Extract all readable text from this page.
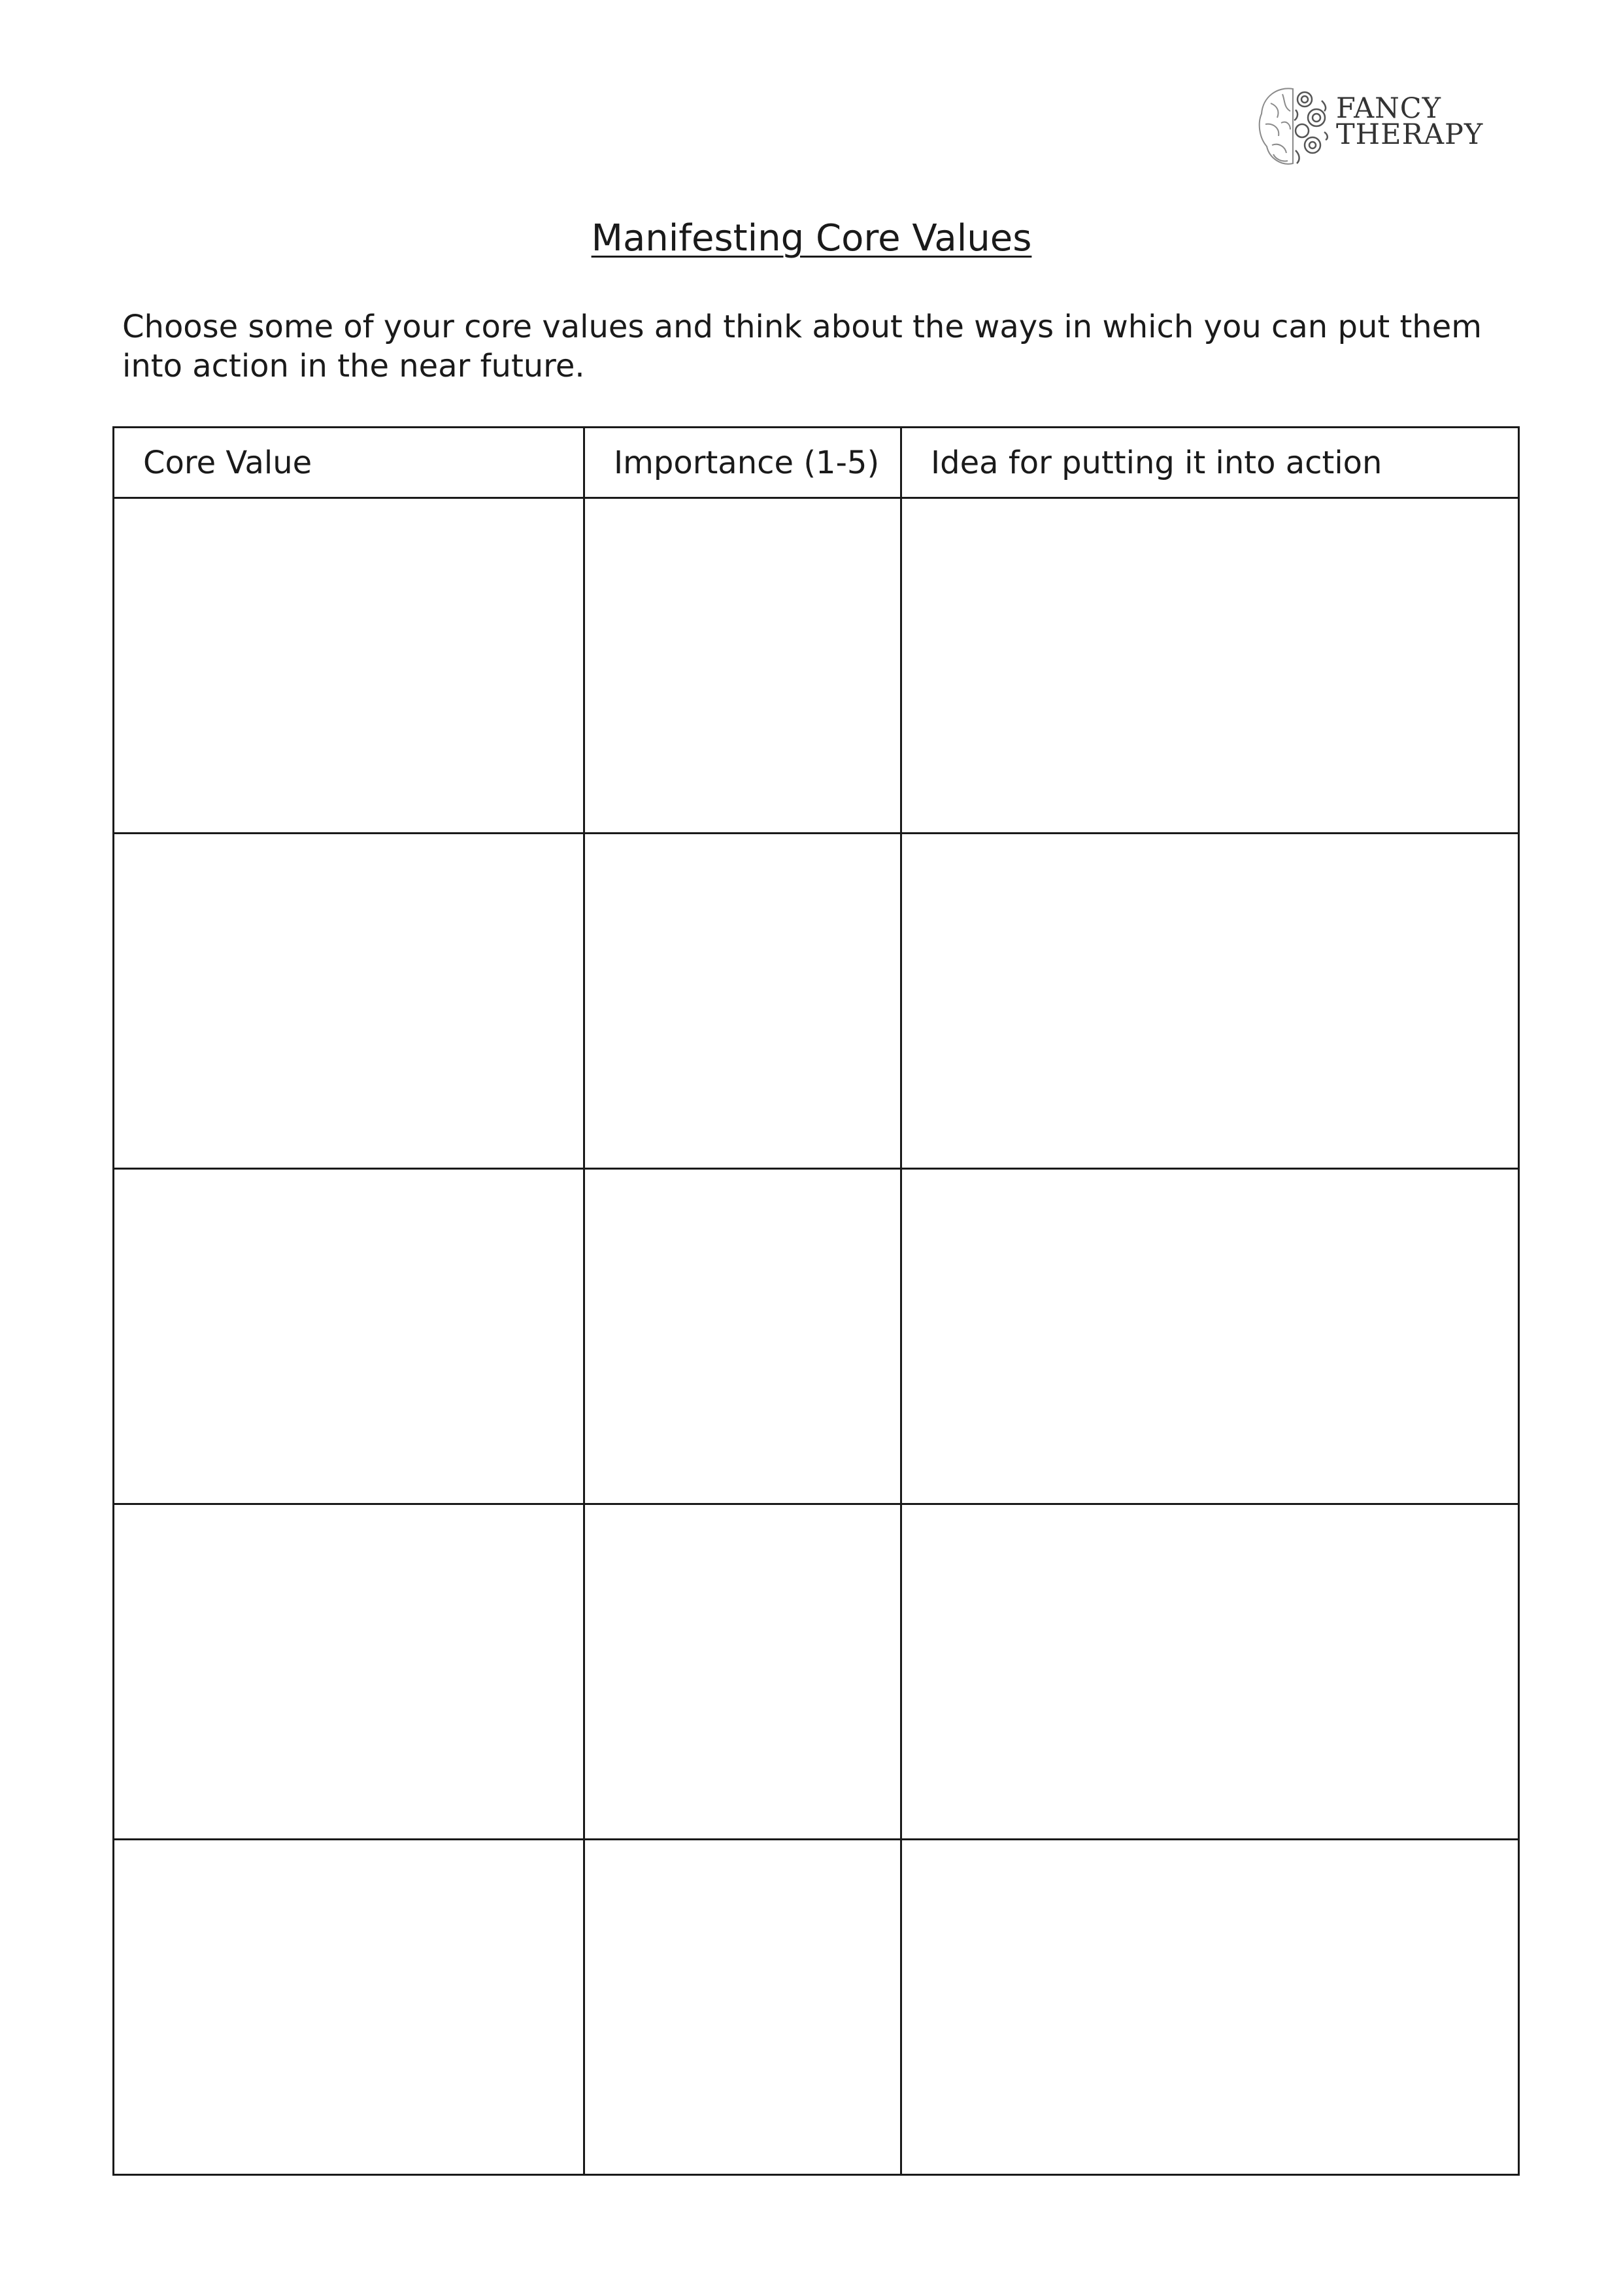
FANCY
THERAPY
Manifesting Core Values
Choose some of your core values and think about the ways in which you can put them into action in the near future.
Core Value	Importance (1-5)	Idea for putting it into action
